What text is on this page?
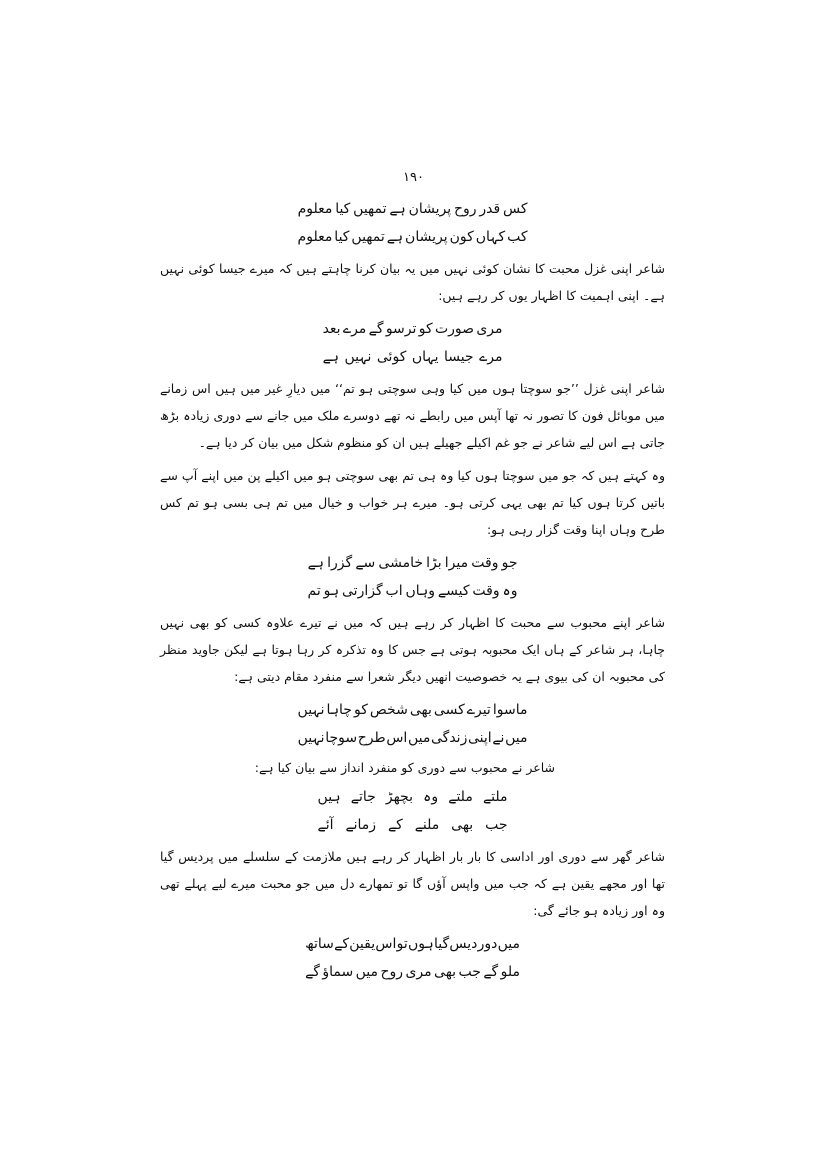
۱۹۰
کس
قدر
روح
پریشان
ہے
تمھیں
کیا
معلوم
کب
کہاں
کون
پریشان
ہے
تمھیں
کیا
معلوم
شاعر اپنی غزل محبت کا نشان کوئی نہیں میں یہ بیان کرنا چاہتے ہیں کہ میرے جیسا کوئی نہیں ہے۔ اپنی اہمیت کا اظہار یوں کر رہے ہیں:
مری
صورت
کو
ترسو
گے
مرے
بعد
مرے
جیسا
یہاں
کوئی
نہیں
ہے
شاعر اپنی غزل ’’جو سوچتا ہوں میں کیا وہی سوچتی ہو تم‘‘ میں دیارِ غیر میں ہیں اس زمانے میں موبائل فون کا تصور نہ تھا آپس میں رابطے نہ تھے دوسرے ملک میں جانے سے دوری زیادہ بڑھ جاتی ہے اس لیے شاعر نے جو غم اکیلے جھیلے ہیں ان کو منظوم شکل میں بیان کر دیا ہے۔
وہ کہتے ہیں کہ جو میں سوچتا ہوں کیا وہ ہی تم بھی سوچتی ہو میں اکیلے پن میں اپنے آپ سے باتیں کرتا ہوں کیا تم بھی یہی کرتی ہو۔ میرے ہر خواب و خیال میں تم ہی بسی ہو تم کس طرح وہاں اپنا وقت گزار رہی ہو:
جو
وقت
میرا
بڑا
خامشی
سے
گزرا
ہے
وہ
وقت
کیسے
وہاں
اب
گزارتی
ہو
تم
شاعر اپنے محبوب سے محبت کا اظہار کر رہے ہیں کہ میں نے تیرے علاوہ کسی کو بھی نہیں چاہا، ہر شاعر کے ہاں ایک محبوبہ ہوتی ہے جس کا وہ تذکرہ کر رہا ہوتا ہے لیکن جاوید منظر کی محبوبہ ان کی بیوی ہے یہ خصوصیت انھیں دیگر شعرا سے منفرد مقام دیتی ہے:
ماسوا
تیرے
کسی
بھی
شخص
کو
چاہا
نہیں
میں
نے
اپنی
زندگی
میں
اس
طرح
سوچا
نہیں
شاعر نے محبوب سے دوری کو منفرد انداز سے بیان کیا ہے:
ملتے
ملتے
وہ
بچھڑ
جاتے
ہیں
جب
بھی
ملنے
کے
زمانے
آئے
شاعر گھر سے دوری اور اداسی کا بار بار اظہار کر رہے ہیں ملازمت کے سلسلے میں پردیس گیا تھا اور مجھے یقین ہے کہ جب میں واپس آؤں گا تو تمھارے دل میں جو محبت میرے لیے پہلے تھی وہ اور زیادہ ہو جائے گی:
میں
دور
دیس
گیا
ہوں
تو
اس
یقین
کے
ساتھ
ملو
گے
جب
بھی
مری
روح
میں
سماؤ
گے
